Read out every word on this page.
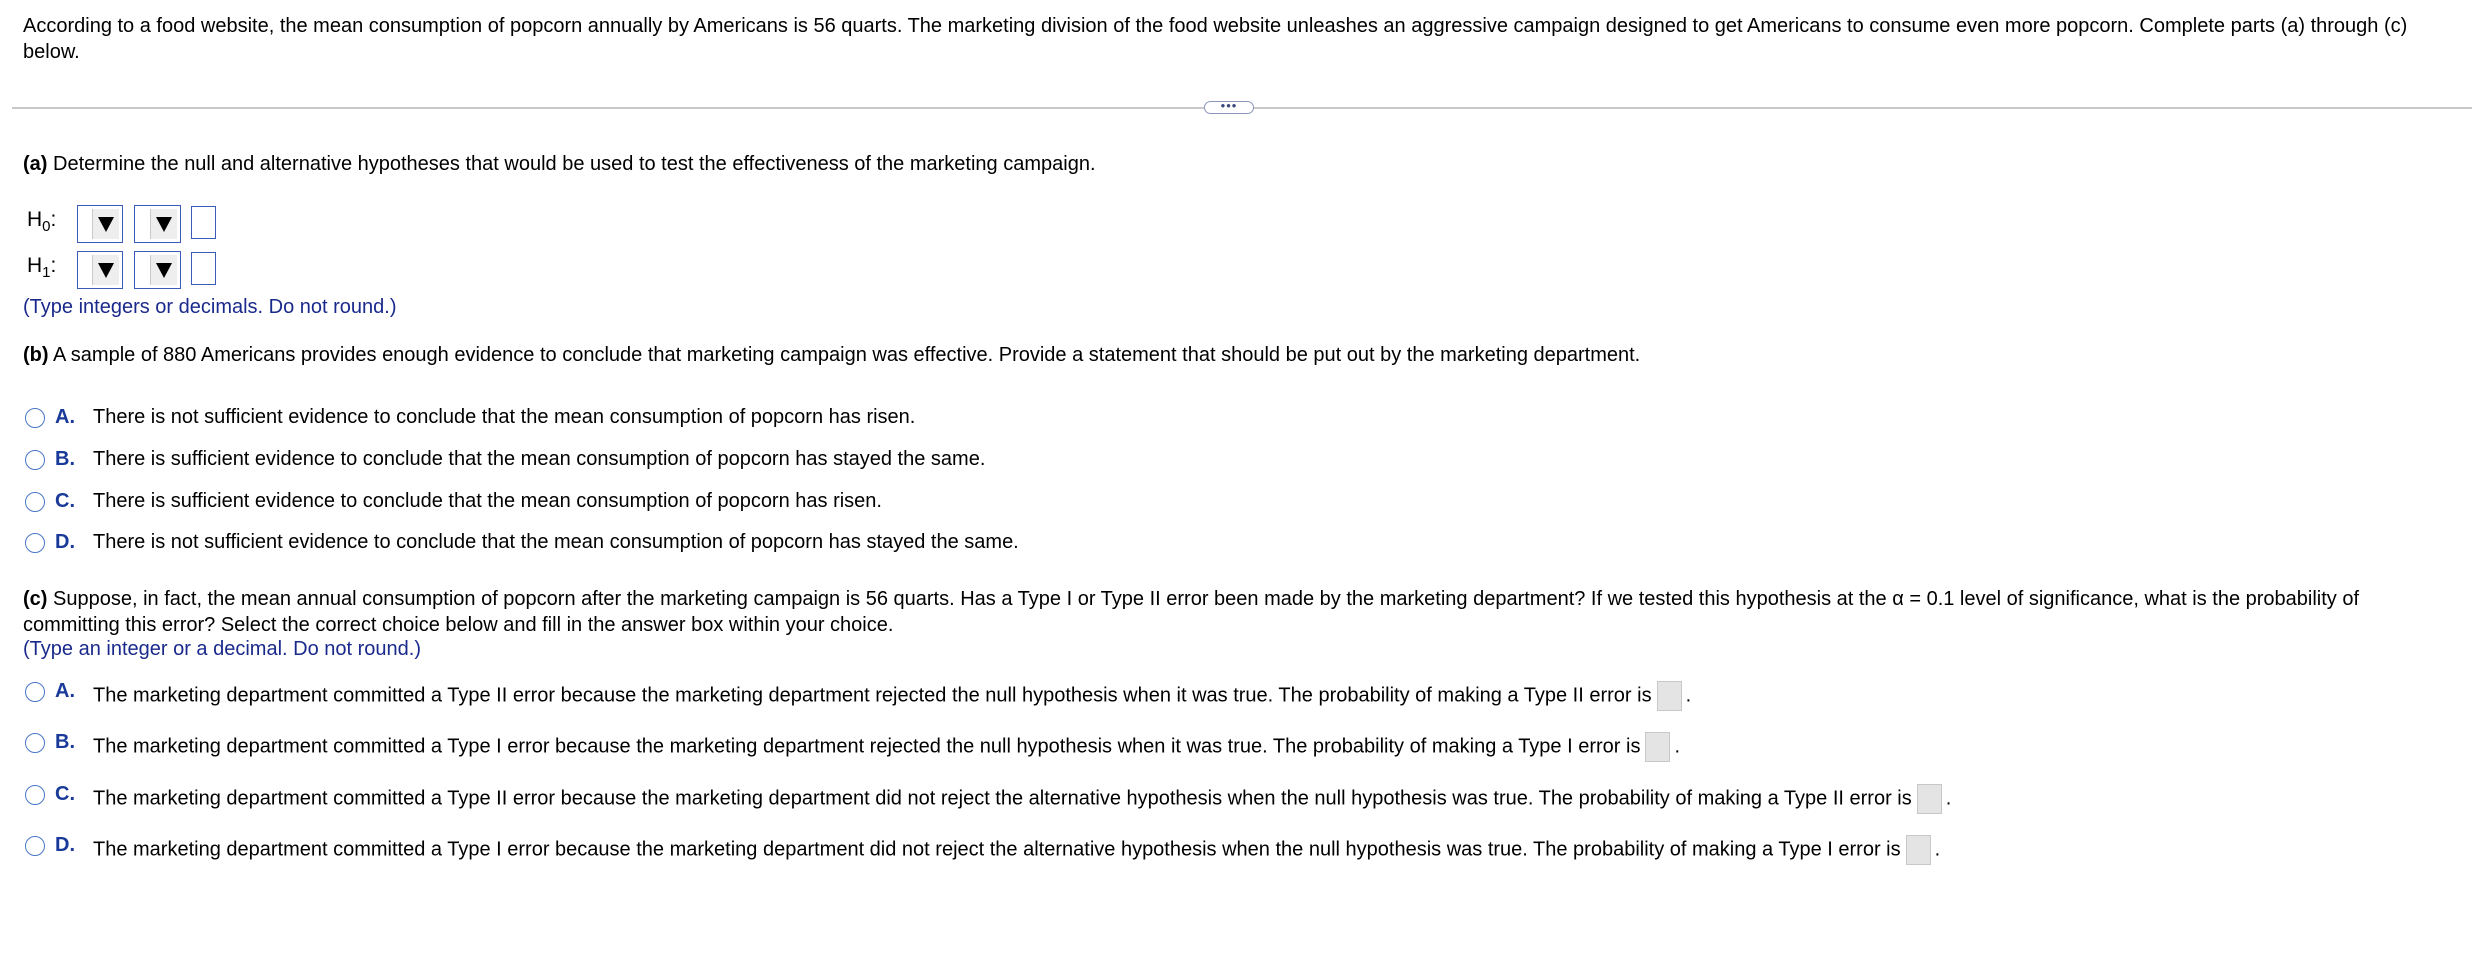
According to a food website, the mean consumption of popcorn annually by Americans is 56 quarts. The marketing division of the food website unleashes an aggressive campaign designed to get Americans to consume even more popcorn. Complete parts (a) through (c) below.
•••
(a) Determine the null and alternative hypotheses that would be used to test the effectiveness of the marketing campaign.
$H_0$:
$H_1$:
(Type integers or decimals. Do not round.)
(b) A sample of 880 Americans provides enough evidence to conclude that marketing campaign was effective. Provide a statement that should be put out by the marketing department.
A. There is not sufficient evidence to conclude that the mean consumption of popcorn has risen.
B. There is sufficient evidence to conclude that the mean consumption of popcorn has stayed the same.
C. There is sufficient evidence to conclude that the mean consumption of popcorn has risen.
D. There is not sufficient evidence to conclude that the mean consumption of popcorn has stayed the same.
(c) Suppose, in fact, the mean annual consumption of popcorn after the marketing campaign is 56 quarts. Has a Type I or Type II error been made by the marketing department? If we tested this hypothesis at the α = 0.1 level of significance, what is the probability of committing this error? Select the correct choice below and fill in the answer box within your choice.
(Type an integer or a decimal. Do not round.)
A. The marketing department committed a Type II error because the marketing department rejected the null hypothesis when it was true. The probability of making a Type II error is .
B. The marketing department committed a Type I error because the marketing department rejected the null hypothesis when it was true. The probability of making a Type I error is .
C. The marketing department committed a Type II error because the marketing department did not reject the alternative hypothesis when the null hypothesis was true. The probability of making a Type II error is .
D. The marketing department committed a Type I error because the marketing department did not reject the alternative hypothesis when the null hypothesis was true. The probability of making a Type I error is .
